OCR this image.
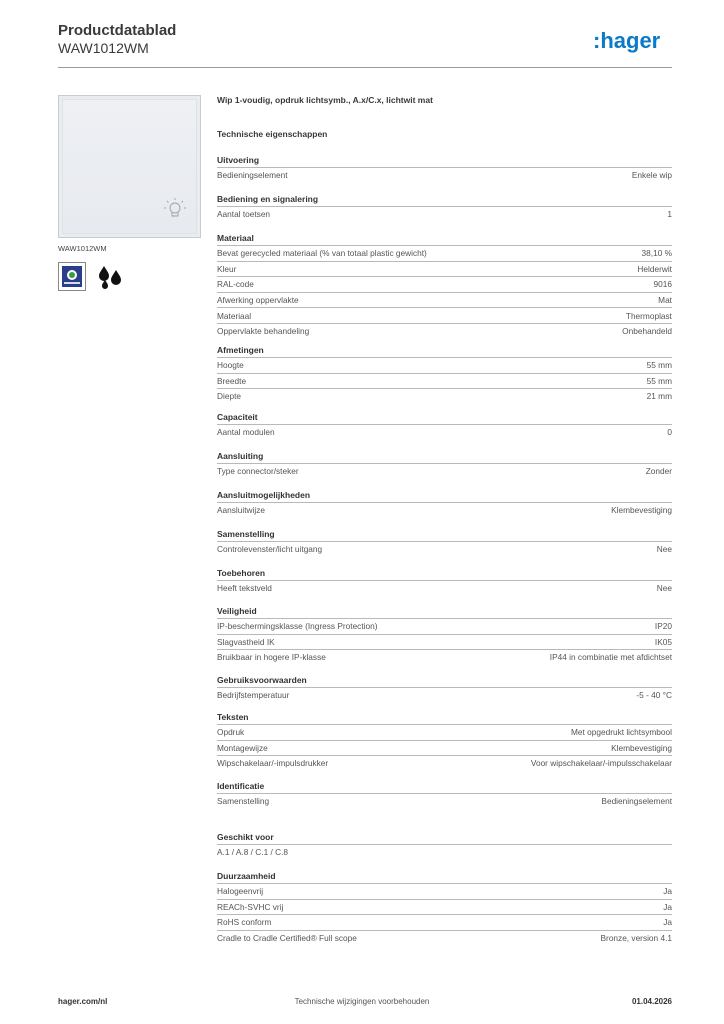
Productdatablad
WAW1012WM	:hager
WAW1012WM
Wip 1-voudig, opdruk lichtsymb., A.x/C.x, lichtwit mat
Technische eigenschappen
Uitvoering
Bedieningselement	Enkele wip
Bediening en signalering
Aantal toetsen	1
Materiaal
Bevat gerecycled materiaal (% van totaal plastic gewicht)	38,10 %
Kleur	Helderwit
RAL-code	9016
Afwerking oppervlakte	Mat
Materiaal	Thermoplast
Oppervlakte behandeling	Onbehandeld
Afmetingen
Hoogte	55 mm
Breedte	55 mm
Diepte	21 mm
Capaciteit
Aantal modulen	0
Aansluiting
Type connector/steker	Zonder
Aansluitmogelijkheden
Aansluitwijze	Klembevestiging
Samenstelling
Controlevenster/licht uitgang	Nee
Toebehoren
Heeft tekstveld	Nee
Veiligheid
IP-beschermingsklasse (Ingress Protection)	IP20
Slagvastheid IK	IK05
Bruikbaar in hogere IP-klasse	IP44 in combinatie met afdichtset
Gebruiksvoorwaarden
Bedrijfstemperatuur	-5 - 40 °C
Teksten
Opdruk	Met opgedrukt lichtsymbool
Montagewijze	Klembevestiging
Wipschakelaar/-impulsdrukker	Voor wipschakelaar/-impulsschakelaar
Identificatie
Samenstelling	Bedieningselement
Geschikt voor
A.1 / A.8 / C.1 / C.8
Duurzaamheid
Halogeenvrij	Ja
REACh-SVHC vrij	Ja
RoHS conform	Ja
Cradle to Cradle Certified® Full scope	Bronze, version 4.1
hager.com/nl	Technische wijzigingen voorbehouden	01.04.2026
